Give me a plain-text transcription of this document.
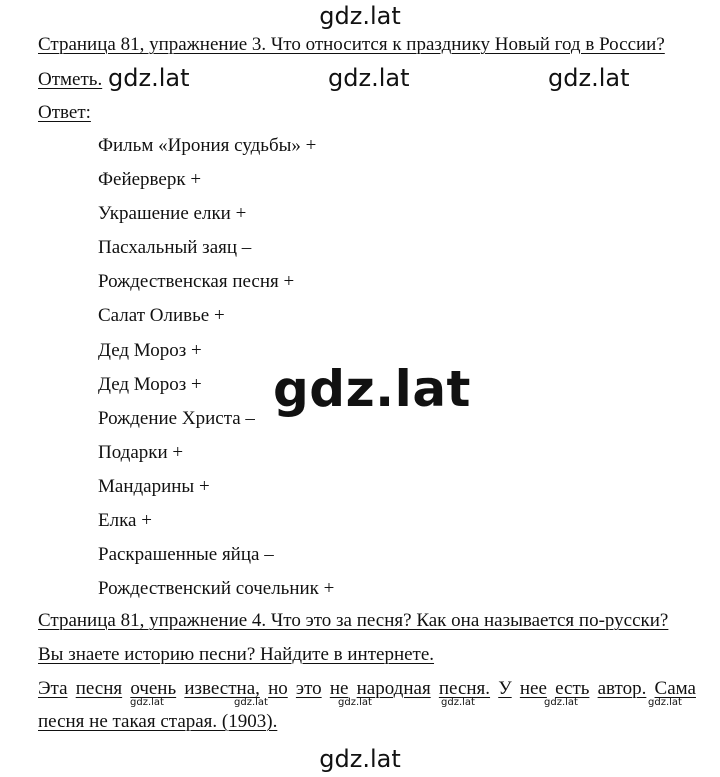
gdz.lat
Страница 81, упражнение 3. Что относится к празднику Новый год в России?
Отметь. gdz.lat	gdz.lat	gdz.lat
Ответ:
Фильм «Ирония судьбы» +
Фейерверк +
Украшение елки +
Пасхальный заяц –
Рождественская песня +
Салат Оливье +
Дед Мороз +
Дед Мороз +
Рождение Христа –
Подарки +
Мандарины +
Елка +
Раскрашенные яйца –
Рождественский сочельник +
gdz.lat
Страница 81, упражнение 4. Что это за песня? Как она называется по-русски?
Вы знаете историю песни? Найдите в интернете.
Эта песня очень известна, но это не народная песня. У нее есть автор. Сама
gdz.lat	gdz.lat	gdz.lat	gdz.lat	gdz.lat	gdz.lat
песня не такая старая. (1903).
gdz.lat
